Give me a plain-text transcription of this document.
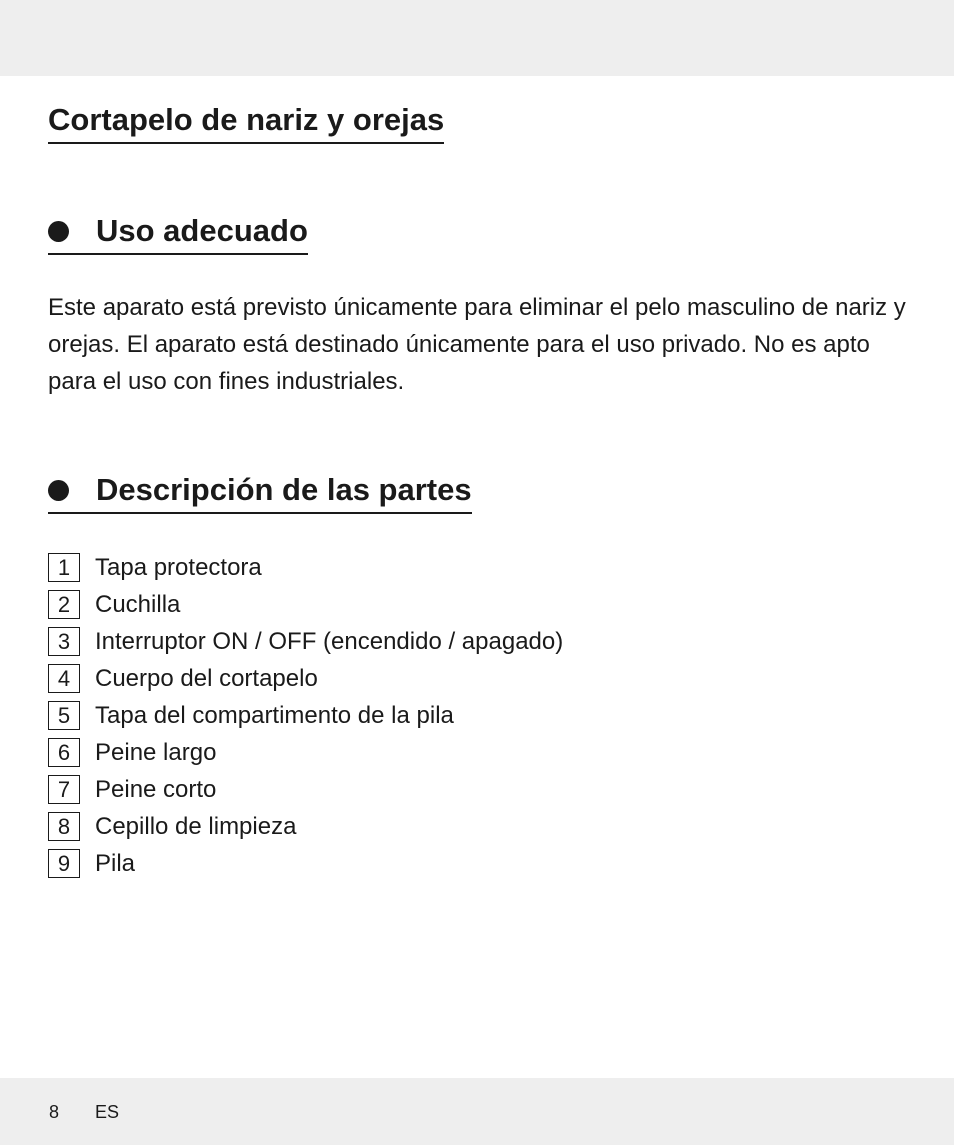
Cortapelo de nariz y orejas
Uso adecuado

Este aparato está previsto únicamente para eliminar el pelo masculino de nariz y orejas. El aparato está destinado únicamente para el uso privado. No es apto para el uso con fines industriales.

Descripción de las partes
1	Tapa protectora
2	Cuchilla
3	Interruptor ON / OFF (encendido / apagado)
4	Cuerpo del cortapelo
5	Tapa del compartimento de la pila
6	Peine largo
7	Peine corto
8	Cepillo de limpieza
9	Pila
8 ES
